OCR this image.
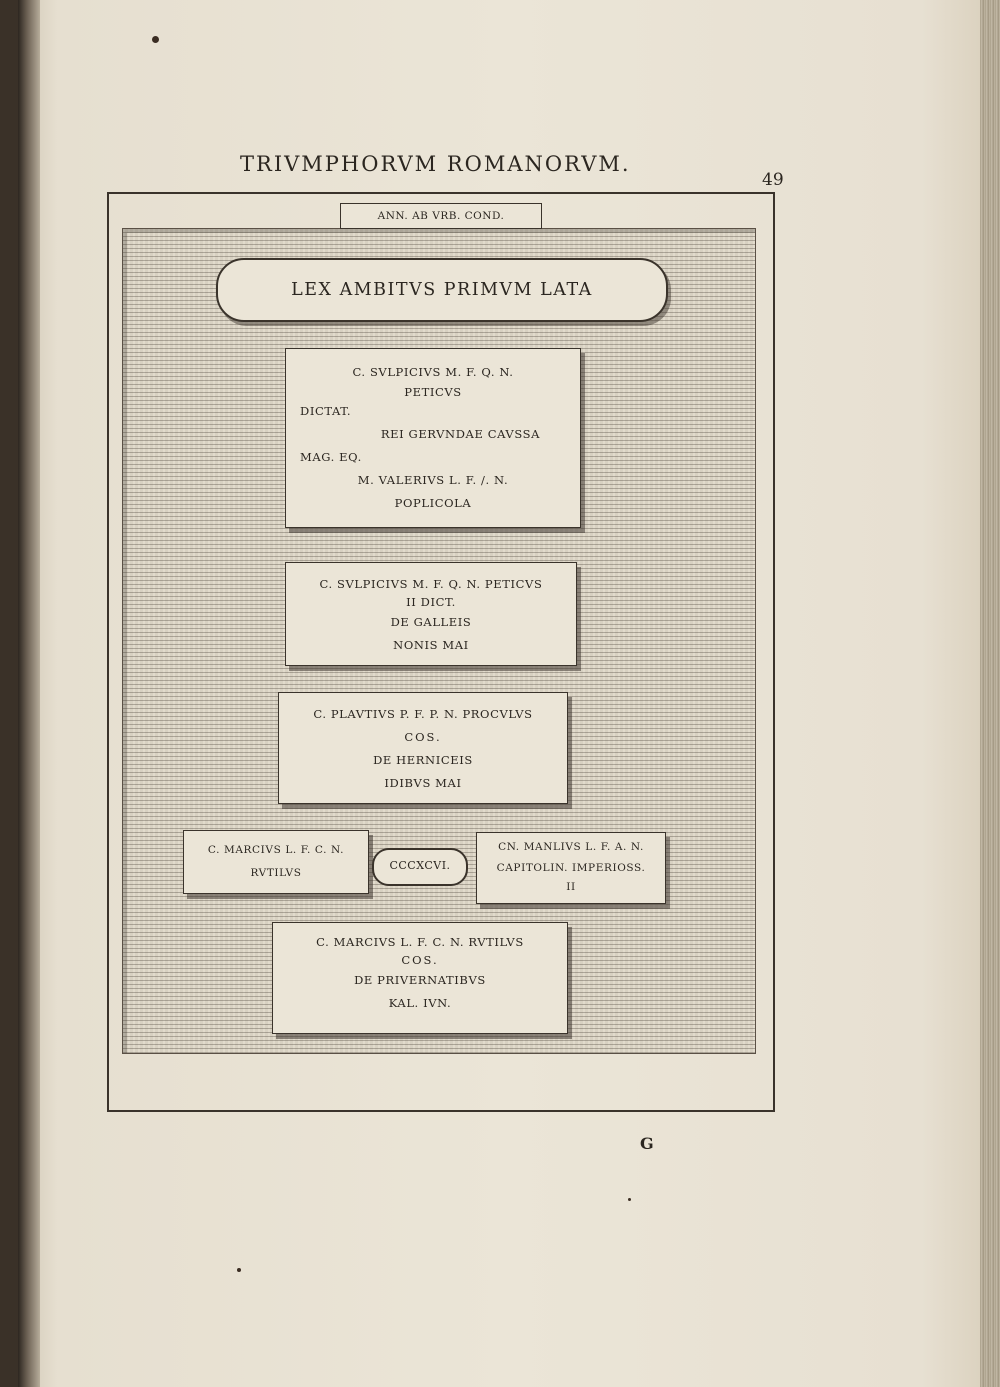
TRIVMPHORVM ROMANORVM.
49
ANN. AB VRB. COND.
LEX AMBITVS PRIMVM LATA
C. SVLPICIVS M. F. Q. N.
PETICVS
DICTAT.
REI GERVNDAE CAVSSA
MAG. EQ.
M. VALERIVS L. F. /. N.
POPLICOLA
C. SVLPICIVS M. F. Q. N. PETICVS
II DICT.
DE GALLEIS
NONIS MAI
C. PLAVTIVS P. F. P. N. PROCVLVS
COS.
DE HERNICEIS
IDIBVS MAI
C. MARCIVS L. F. C. N.
RVTILVS
CCCXCVI.
CN. MANLIVS L. F. A. N.
CAPITOLIN. IMPERIOSS.
II
C. MARCIVS L. F. C. N. RVTILVS
COS.
DE PRIVERNATIBVS
KAL. IVN.
G
